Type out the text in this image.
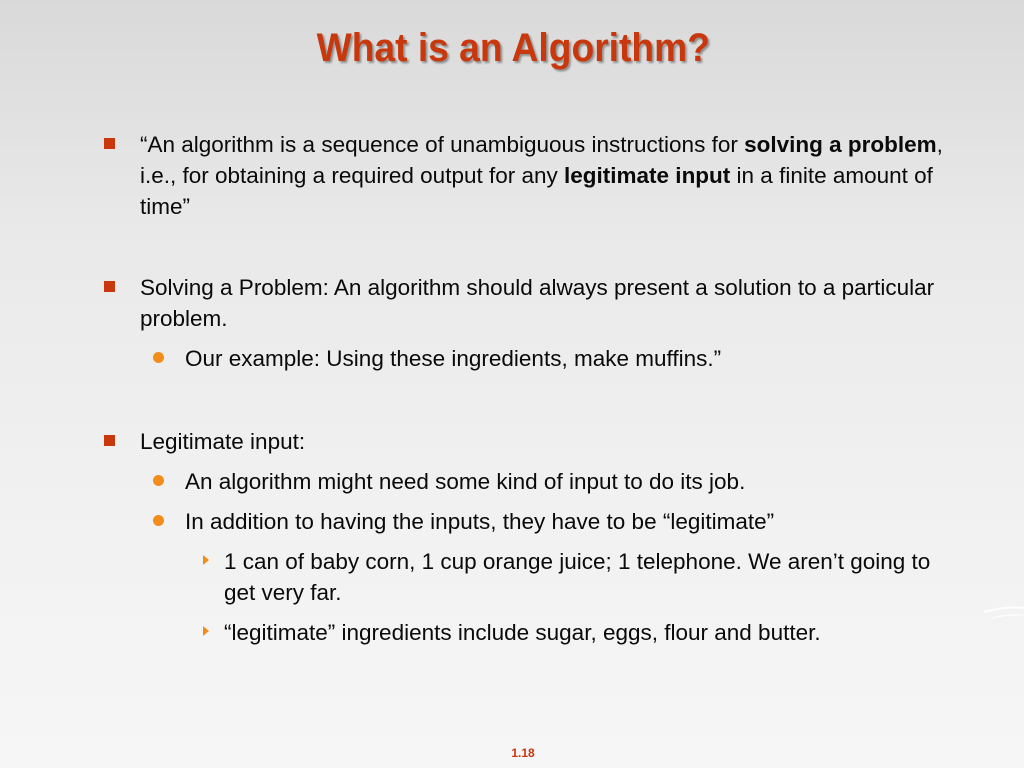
What is an Algorithm?
“An algorithm is a sequence of unambiguous instructions for solving a problem, i.e., for obtaining a required output for any legitimate input in a finite amount of time”
Solving a Problem: An algorithm should always present a solution to a particular problem.
Our example: Using these ingredients, make muffins.”
Legitimate input:
An algorithm might need some kind of input to do its job.
In addition to having the inputs, they have to be “legitimate”
1 can of baby corn, 1 cup orange juice; 1 telephone. We aren’t going to get very far.
“legitimate” ingredients include sugar, eggs, flour and butter.
1.18
